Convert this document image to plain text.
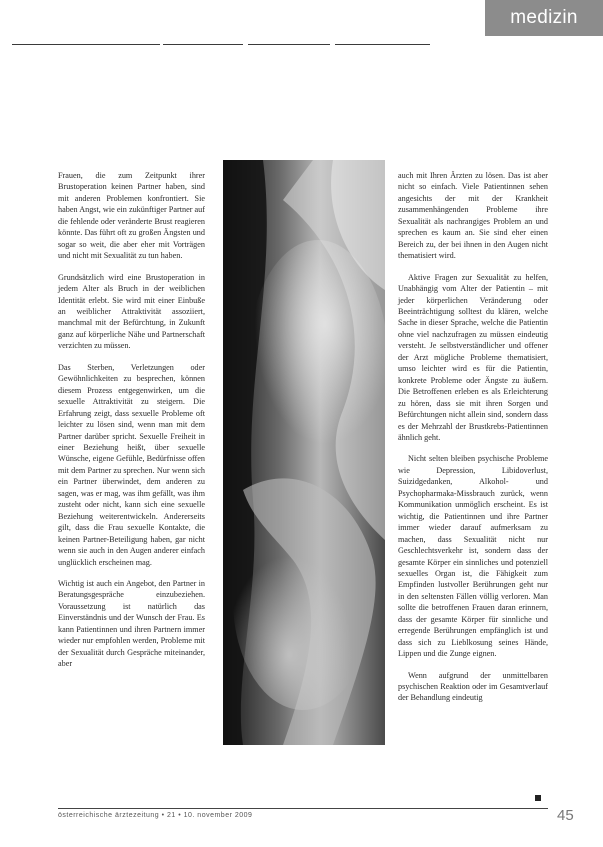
medizin

Frauen, die zum Zeitpunkt ihrer Brustoperation keinen Partner haben, sind mit anderen Problemen konfrontiert. Sie haben Angst, wie ein zukünftiger Partner auf die fehlende oder veränderte Brust reagieren könnte. Das führt oft zu großen Ängsten und sogar so weit, die aber eher mit Vorträgen und nicht mit Sexualität zu tun haben.

Grundsätzlich wird eine Brustoperation in jedem Alter als Bruch in der weiblichen Identität erlebt. Sie wird mit einer Einbuße an weiblicher Attraktivität assoziiert, manchmal mit der Befürchtung, in Zukunft ganz auf körperliche Nähe und Partnerschaft verzichten zu müssen.

Das Sterben, Verletzungen oder Gewöhnlichkeiten zu besprechen, können diesem Prozess entgegenwirken, um die sexuelle Attraktivität zu steigern. Die Erfahrung zeigt, dass sexuelle Probleme oft leichter zu lösen sind, wenn man mit dem Partner darüber spricht. Sexuelle Freiheit in einer Beziehung heißt, über sexuelle Wünsche, eigene Gefühle, Bedürfnisse offen mit dem Partner zu sprechen. Nur wenn sich ein Partner überwindet, dem anderen zu sagen, was er mag, was ihm gefällt, was ihm zusteht oder nicht, kann sich eine sexuelle Beziehung weiterentwickeln. Andererseits gilt, dass die Frau sexuelle Kontakte, die keinen Partner-Beteiligung haben, gar nicht wenn sie auch in den Augen anderer einfach unglücklich erscheinen mag.

Wichtig ist auch ein Angebot, den Partner in Beratungsgespräche einzubeziehen. Voraussetzung ist natürlich das Einverständnis und der Wunsch der Frau. Es kann Patientinnen und ihren Partnern immer wieder nur empfohlen werden, Probleme mit der Sexualität durch Gespräche miteinander, aber

auch mit Ihren Ärzten zu lösen. Das ist aber nicht so einfach. Viele Patientinnen sehen angesichts der mit der Krankheit zusammenhängenden Probleme ihre Sexualität als nachrangiges Problem an und sprechen es kaum an. Sie sind eher einen Bereich zu, der bei ihnen in den Augen nicht thematisiert wird.

Aktive Fragen zur Sexualität zu helfen, Unabhängig vom Alter der Patientin – mit jeder körperlichen Veränderung oder Beeinträchtigung solltest du klären, welche Sache in dieser Sprache, welche die Patientin ohne viel nachzufragen zu müssen eindeutig versteht. Je selbstverständlicher und offener der Arzt mögliche Probleme thematisiert, umso leichter wird es für die Patientin, konkrete Probleme oder Ängste zu äußern. Die Betroffenen erleben es als Erleichterung zu hören, dass sie mit ihren Sorgen und Befürchtungen nicht allein sind, sondern dass es der Mehrzahl der Brustkrebs-Patientinnen ähnlich geht.

Nicht selten bleiben psychische Probleme wie Depression, Libidoverlust, Suizidgedanken, Alkohol- und Psychopharmaka-Missbrauch zurück, wenn Kommunikation unmöglich erscheint. Es ist wichtig, die Patientinnen und ihre Partner immer wieder darauf aufmerksam zu machen, dass Sexualität nicht nur Geschlechtsverkehr ist, sondern dass der gesamte Körper ein sinnliches und potenziell sexuelles Organ ist, die Fähigkeit zum Empfinden lustvoller Berührungen geht nur in den seltensten Fällen völlig verloren. Man sollte die betroffenen Frauen daran erinnern, dass der gesamte Körper für sinnliche und erregende Berührungen empfänglich ist und dass sich zu Lieblkosung seines Hände, Lippen und die Zunge eignen.

Wenn aufgrund der unmittelbaren psychischen Reaktion oder im Gesamtverlauf der Behandlung eindeutig

österreichische ärztezeitung • 21 • 10. november 2009	45
